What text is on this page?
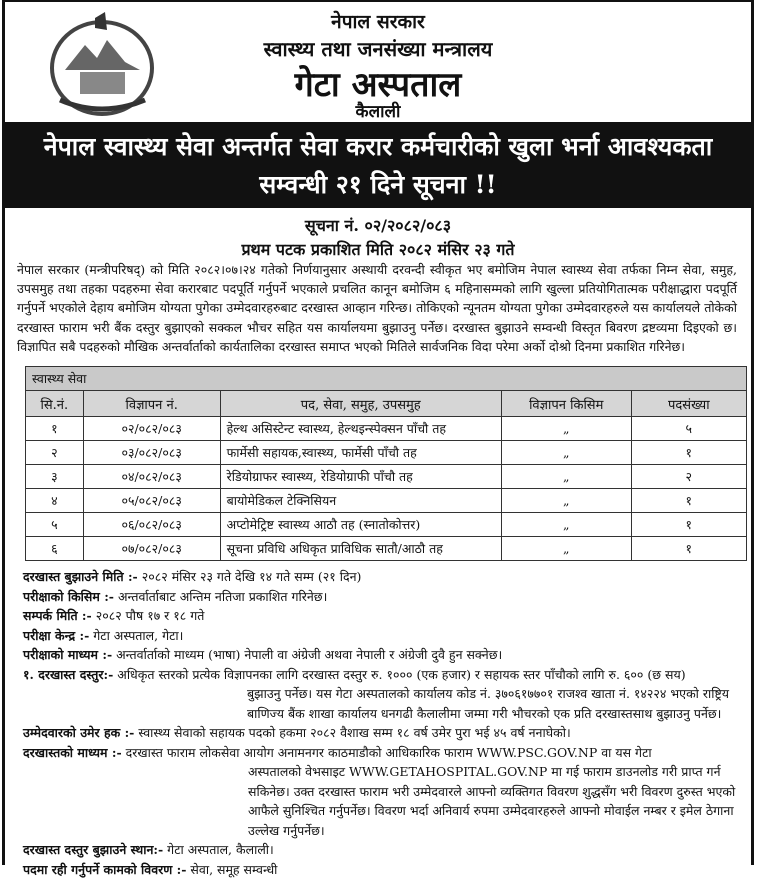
नेपाल सरकार
स्वास्थ्य तथा जनसंख्या मन्त्रालय
गेटा अस्पताल
कैलाली
नेपाल स्वास्थ्य सेवा अन्तर्गत सेवा करार कर्मचारीको खुला भर्ना आवश्यकता
सम्वन्धी २१ दिने सूचना !!
सूचना नं. ०२/२०८२/०८३
प्रथम पटक प्रकाशित मिति २०८२ मंसिर २३ गते
नेपाल सरकार (मन्त्रीपरिषद्) को मिति २०८२।०७।२४ गतेको निर्णयानुसार अस्थायी दरवन्दी स्वीकृत भए बमोजिम नेपाल स्वास्थ्य सेवा तर्फका निम्न सेवा, समुह, उपसमुह तथा तहका पदहरुमा सेवा करारबाट पदपूर्ति गर्नुपर्ने भएकाले प्रचलित कानून बमोजिम ६ महिनासम्मको लागि खुल्ला प्रतियोगितात्मक परीक्षाद्धारा पदपूर्ति गर्नुपर्ने भएकोले देहाय बमोजिम योग्यता पुगेका उम्मेदवारहरुबाट दरखास्त आव्हान गरिन्छ। तोकिएको न्यूनतम योग्यता पुगेका उम्मेदवारहरुले यस कार्यालयले तोकेको दरखास्त फाराम भरी बैंक दस्तुर बुझाएको सक्कल भौचर सहित यस कार्यालयमा बुझाउनु पर्नेछ। दरखास्त बुझाउने सम्वन्धी विस्तृत बिवरण द्रष्टव्यमा दिइएको छ। विज्ञापित सबै पदहरुको मौखिक अन्तर्वार्ताको कार्यतालिका दरखास्त समाप्त भएको मितिले सार्वजनिक विदा परेमा अर्को दोश्रो दिनमा प्रकाशित गरिनेछ।
स्वास्थ्य सेवा				
सि.नं.	विज्ञापन नं.	पद, सेवा, समुह, उपसमुह	विज्ञापन किसिम	पदसंख्या
१	०२/०८२/०८३	हेल्थ असिस्टेन्ट स्वास्थ्य, हेल्थइन्स्पेक्सन पाँचौ तह	„	५
२	०३/०८२/०८३	फार्मेसी सहायक,स्वास्थ्य, फार्मेसी पाँचौ तह	„	१
३	०४/०८२/०८३	रेडियोग्राफर स्वास्थ्य, रेडियोग्राफी पाँचौ तह	„	२
४	०५/०८२/०८३	बायोमेडिकल टेक्निसियन	„	१
५	०६/०८२/०८३	अप्टोमेट्रिष्ट स्वास्थ्य आठौ तह (स्नातोकोत्तर)	„	१
६	०७/०८२/०८३	सूचना प्रविधि अधिकृत प्राविधिक सातौ/आठौ तह	„	१
दरखास्त बुझाउने मिति :- २०८२ मंसिर २३ गते देखि १४ गते सम्म (२१ दिन)
परीक्षाको किसिम :- अन्तर्वार्ताबाट अन्तिम नतिजा प्रकाशित गरिनेछ।
सम्पर्क मिति :- २०८२ पौष १७ र १८ गते
परीक्षा केन्द्र :- गेटा अस्पताल, गेटा।
परीक्षाको माध्यम :- अन्तर्वार्ताको माध्यम (भाषा) नेपाली वा अंग्रेजी अथवा नेपाली र अंग्रेजी दुवै हुन सक्नेछ।
१. दरखास्त दस्तुर:- अधिकृत स्तरको प्रत्येक विज्ञापनका लागि दरखास्त दस्तुर रु. १००० (एक हजार) र सहायक स्तर पाँचौको लागि रु. ६०० (छ सय)
बुझाउनु पर्नेछ। यस गेटा अस्पतालको कार्यालय कोड नं. ३७०६१७७०१ राजश्व खाता नं. १४२२४ भएको राष्ट्रिय बाणिज्य बैंक शाखा कार्यालय धनगढी कैलालीमा जम्मा गरी भौचरको एक प्रति दरखास्तसाथ बुझाउनु पर्नेछ।
उम्मेदवारको उमेर हक :- स्वास्थ्य सेवाको सहायक पदको हकमा २०८२ वैशाख सम्म १८ वर्ष उमेर पुरा भई ४५ वर्ष ननाघेको।
दरखास्तको माध्यम :- दरखास्त फाराम लोकसेवा आयोग अनामनगर काठमाडौको आधिकारिक फाराम WWW.PSC.GOV.NP वा यस गेटा
अस्पतालको वेभसाइट WWW.GETAHOSPITAL.GOV.NP मा गई फाराम डाउनलोड गरी प्राप्त गर्न सकिनेछ। उक्त दरखास्त फाराम भरी उम्मेदवारले आफ्नो व्यक्तिगत विवरण शुद्धसँग भरी विवरण दुरुस्त भएको आफैले सुनिश्चित गर्नुपर्नेछ। विवरण भर्दा अनिवार्य रुपमा उम्मेदवारहरुले आफ्नो मोवाईल नम्बर र इमेल ठेगाना उल्लेख गर्नुपर्नेछ।
दरखास्त दस्तुर बुझाउने स्थान:- गेटा अस्पताल, कैलाली।
पदमा रही गर्नुपर्ने कामको विवरण :- सेवा, समूह सम्वन्धी
